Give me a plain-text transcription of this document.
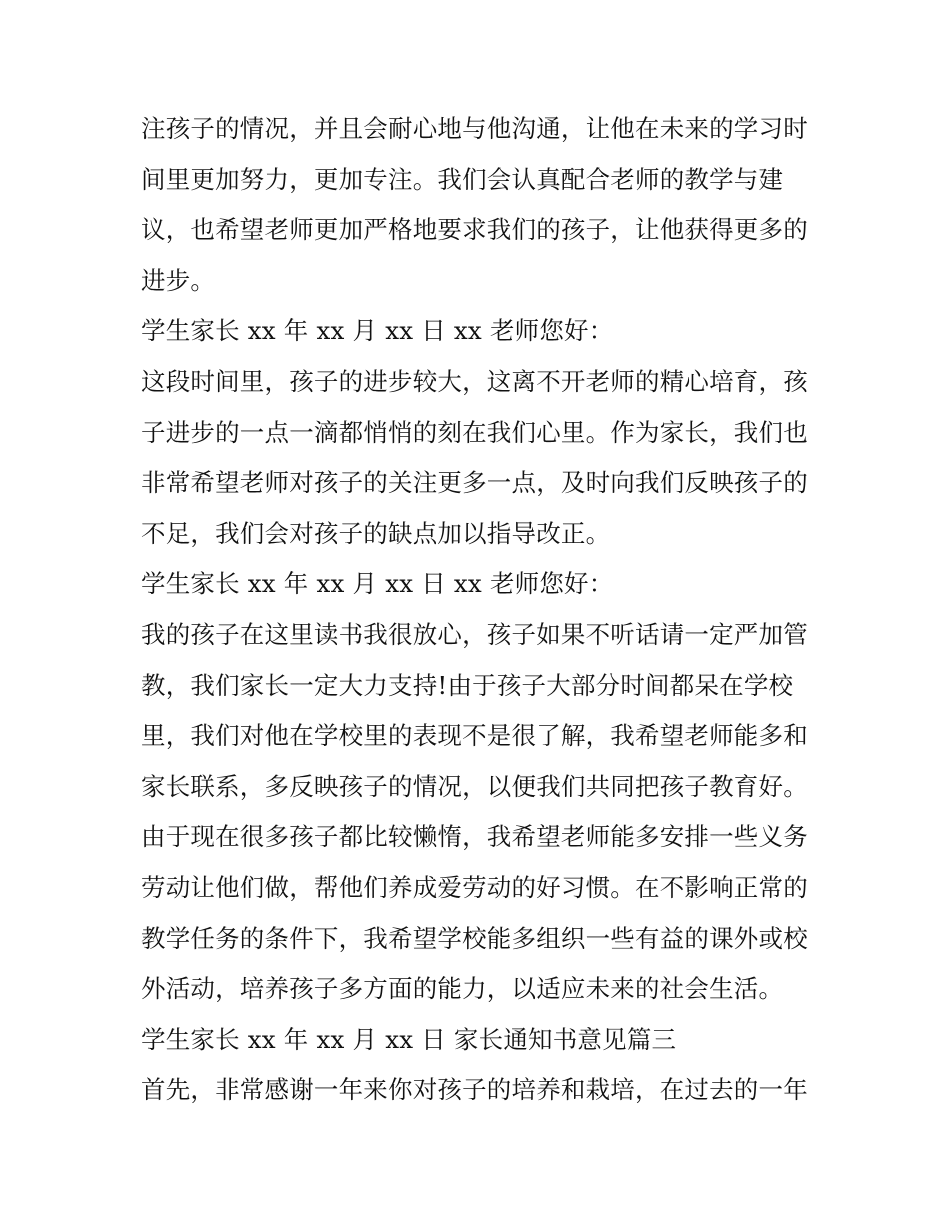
注孩子的情况，并且会耐心地与他沟通，让他在未来的学习时
间里更加努力，更加专注。我们会认真配合老师的教学与建
议，也希望老师更加严格地要求我们的孩子，让他获得更多的
进步。
学生家长 xx 年 xx 月 xx 日 xx 老师您好：
这段时间里，孩子的进步较大，这离不开老师的精心培育，孩
子进步的一点一滴都悄悄的刻在我们心里。作为家长，我们也
非常希望老师对孩子的关注更多一点，及时向我们反映孩子的
不足，我们会对孩子的缺点加以指导改正。
学生家长 xx 年 xx 月 xx 日 xx 老师您好：
我的孩子在这里读书我很放心，孩子如果不听话请一定严加管
教，我们家长一定大力支持!由于孩子大部分时间都呆在学校
里，我们对他在学校里的表现不是很了解，我希望老师能多和
家长联系，多反映孩子的情况，以便我们共同把孩子教育好。
由于现在很多孩子都比较懒惰，我希望老师能多安排一些义务
劳动让他们做，帮他们养成爱劳动的好习惯。在不影响正常的
教学任务的条件下，我希望学校能多组织一些有益的课外或校
外活动，培养孩子多方面的能力，以适应未来的社会生活。
学生家长 xx 年 xx 月 xx 日 家长通知书意见篇三
首先，非常感谢一年来你对孩子的培养和栽培，在过去的一年
